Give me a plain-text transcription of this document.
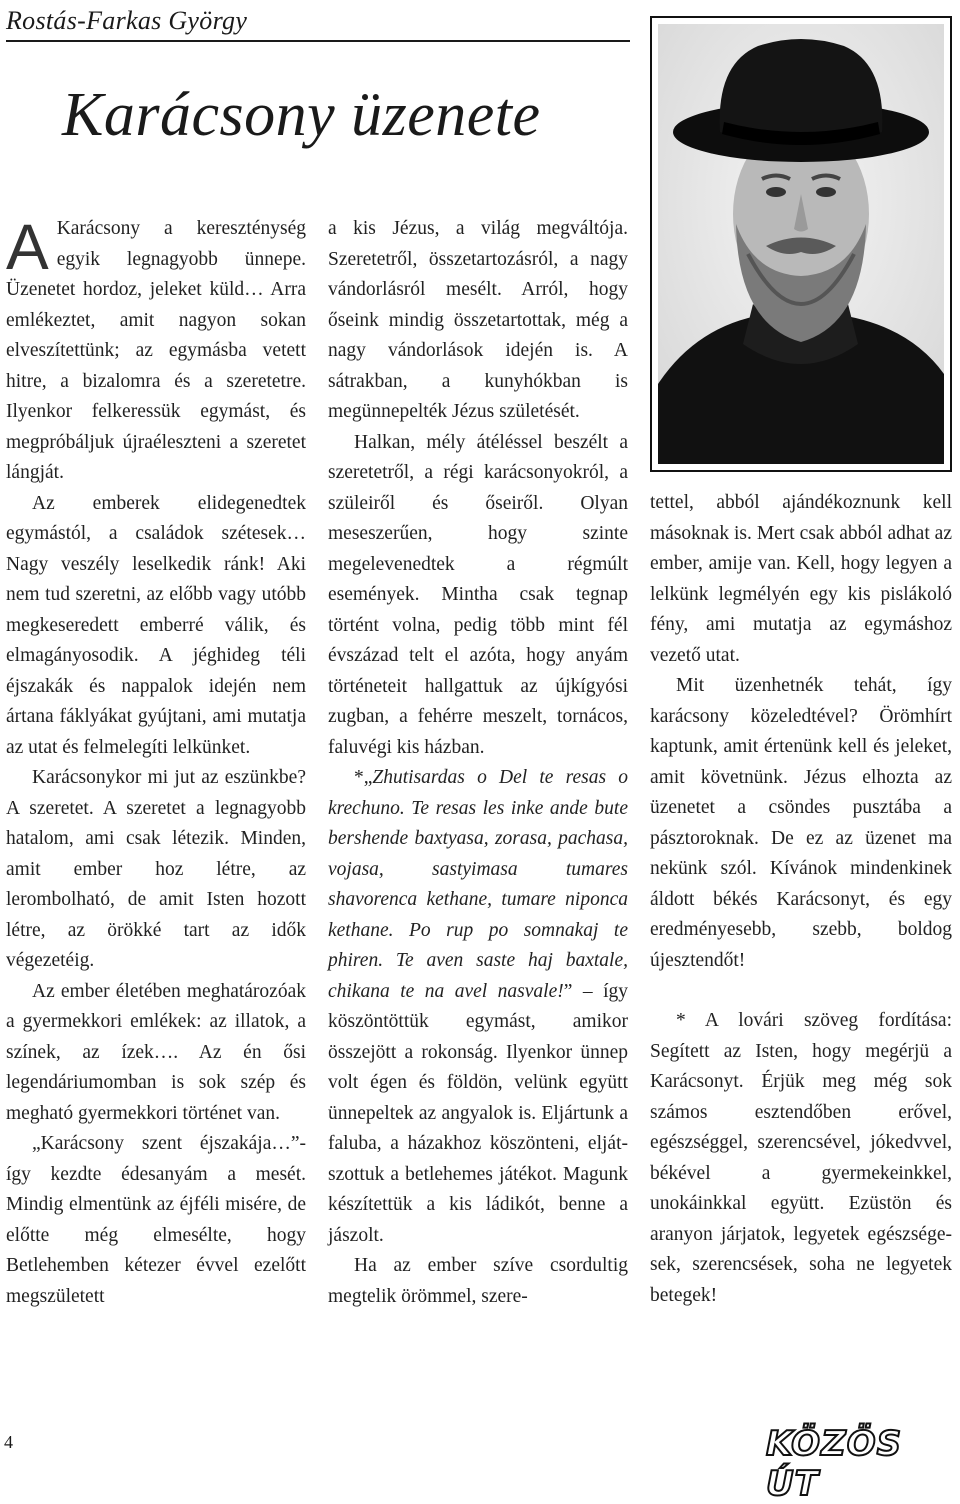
Rostás-Farkas György
Karácsony üzenete

A Karácsony a kereszténység egyik legnagyobb ünnepe. Üzenetet hordoz, jeleket küld… Arra emlékeztet, amit nagyon sokan elveszítettünk; az egymásba vetett hitre, a bizalomra és a szeretetre. Ilyenkor felkeressük egymást, és megpróbáljuk újraéleszteni a szeretet lángját.

Az emberek elidegenedtek egymástól, a családok szétesek… Nagy veszély leselkedik ránk! Aki nem tud szeretni, az előbb vagy utóbb megkeseredett emberré válik, és elmagányosodik. A jéghideg téli éjszakák és nappalok idején nem ártana fáklyákat gyújtani, ami mutatja az utat és felmelegíti lelkünket.

Karácsonykor mi jut az eszünkbe? A szeretet. A szeretet a legnagyobb hatalom, ami csak létezik. Minden, amit ember hoz létre, az lerombolható, de amit Isten hozott létre, az örökké tart az idők végezetéig.

Az ember életében meghatározóak a gyermekkori emlékek: az illatok, a színek, az ízek…. Az én ősi legendáriumomban is sok szép és megható gyermekkori történet van.

„Karácsony szent éjszakája…”- így kezdte édesanyám a mesét. Mindig elmentünk az éjféli misére, de előtte még elmesélte, hogy Betlehemben kétezer évvel ezelőtt megszületett

a kis Jézus, a világ megváltója. Szeretetről, összetartozásról, a nagy vándorlásról mesélt. Arról, hogy őseink mindig összetartottak, még a nagy vándorlások idején is. A sátrakban, a kunyhókban is megünnepelték Jézus születését.

Halkan, mély átéléssel beszélt a szeretetről, a régi karácsonyokról, a szüleiről és őseiről. Olyan meseszerűen, hogy szinte megelevenedtek a régmúlt események. Mintha csak tegnap történt volna, pedig több mint fél évszázad telt el azóta, hogy anyám történeteit hallgattuk az újkígyósi zugban, a fehérre meszelt, tornácos, faluvégi kis házban.

*„Zhutisardas o Del te resas o krechuno. Te resas les inke ande bute bershende baxtyasa, zorasa, pachasa, vojasa, sastyimasa tumares shavorenca kethane, tumare niponca kethane. Po rup po somnakaj te phiren. Te aven saste haj baxtale, chikana te na avel nasvale!” – így köszöntöttük egymást, amikor összejött a rokonság. Ilyenkor ünnep volt égen és földön, velünk együtt ünnepeltek az angyalok is. Eljártunk a faluba, a házakhoz köszönteni, eljátszottuk a betlehemes játékot. Magunk készítettük a kis ládikót, benne a jászolt.

Ha az ember szíve csordultig megtelik örömmel, szere-

tettel, abból ajándékoznunk kell másoknak is. Mert csak abból adhat az ember, amije van. Kell, hogy legyen a lelkünk legmélyén egy kis pislákoló fény, ami mutatja az egymáshoz vezető utat.

Mit üzenhetnék tehát, így karácsony közeledtével? Örömhírt kaptunk, amit értenünk kell és jeleket, amit követnünk. Jézus elhozta az üzenetet a csöndes pusztába a pásztoroknak. De ez az üzenet ma nekünk szól. Kívánok mindenkinek áldott békés Karácsonyt, és egy eredményesebb, szebb, boldog újesztendőt!

* A lovári szöveg fordítása: Segített az Isten, hogy megérjü a Karácsonyt. Érjük meg még sok számos esztendőben erővel, egészséggel, szerencsével, jókedvvel, békével a gyermekeinkkel, unokáinkkal együtt. Ezüstön és aranyon járjatok, legyetek egészségesek, szerencsések, soha ne legyetek betegek!

4	KÖZÖS ÚT
